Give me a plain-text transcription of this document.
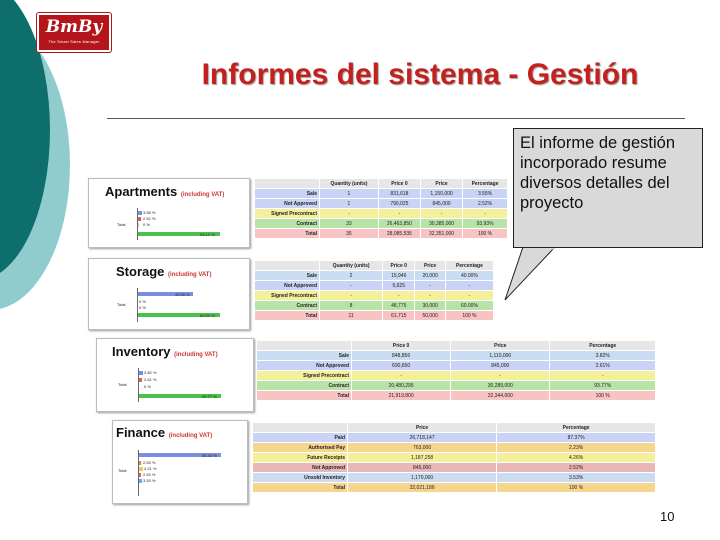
BmBy
The Smart Sales Manager
Informes del sistema - Gestión
El informe de gestión incorporado resume diversos detalles del proyecto
Apartments (including VAT)
Total
3.58 %
2.52 %
0 %
93.12 %
	Quantity (units)	Price 0	Price	Percentage
Sale	1	831,618	1,150,000	3.55%
Not Approved	1	790,025	845,000	2.52%
Signed Precontract	-	-	-	-
Contract	33	26,463,850	30,385,000	93.93%
Total	35	28,085,535	32,351,000	100 %
Storage (including VAT)
Total
40.00 %
0 %
0 %
60.00 %
	Quantity (units)	Price 0	Price	Percentage
Sale	2	15,946	20,000	40.00%
Not Approved	-	5,625	-	-
Signed Precontract	-	-	-	-
Contract	8	48,775	30,000	60.00%
Total	11	61,715	50,000	100 %
Inventory (including VAT)
Total
3.82 %
2.61 %
0 %
93.77 %
	Price 0	Price	Percentage
Sale	848,856	1,110,000	3.82%
Not Approved	690,650	845,000	2.61%
Signed Precontract	-	-	-
Contract	20,480,295	30,289,000	93.77%
Total	21,919,800	32,344,000	100 %
Finance (including VAT)
Total
83.34 %
2.53 %
4.21 %
2.52 %
3.53 %
	Price	Percentage
Paid	26,718,147	87.37%
Authorised Pay	763,000	2.23%
Future Receipts	1,187,258	4.26%
Not Approved	845,000	2.52%
Unsold Inventory	1,170,000	3.53%
Total	32,021,186	100 %
10
